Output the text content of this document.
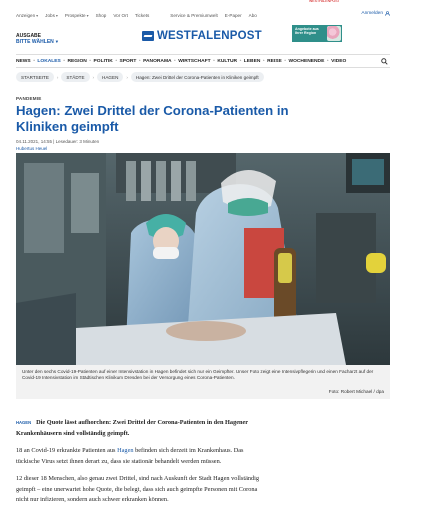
WESTFALENPOST
Anzeigen ▾ Jobs ▾ Prospekte ▾ Shop Vor Ort Tickets	Service & Premiumwelt E-Paper Abo	Anmelden
AUSGABE
BITTE WÄHLEN ▾	WESTFALENPOST
Angebote aus Ihrer Region
NEWS • LOKALES • REGION • POLITIK • SPORT • PANORAMA • WIRTSCHAFT • KULTUR • LEBEN • REISE • WOCHENENDE • VIDEO
STARTSEITE	›	STÄDTE	›	HAGEN	›	Hagen: Zwei Drittel der Corona-Patienten in Kliniken geimpft
PANDEMIE
Hagen: Zwei Drittel der Corona-Patienten in Kliniken geimpft
04.11.2021, 14:55 | Lesedauer: 3 Minuten
Hubertus Heuel
Unter den sechs Covid-19-Patienten auf einer Intensivstation in Hagen befindet sich nur ein Geimpfter. Unser Foto zeigt eine Intensivpflegerin und einen Facharzt auf der Covid-19 Intensivstation im Städtischen Klinikum Dresden bei der Versorgung eines Corona-Patienten.
Foto: Robert Michael / dpa

HAGEN Die Quote lässt aufhorchen: Zwei Drittel der Corona-Patienten in den Hagener Krankenhäusern sind vollständig geimpft.

18 an Covid-19 erkrankte Patienten aus Hagen befinden sich derzeit im Krankenhaus. Das tückische Virus setzt ihnen derart zu, dass sie stationär behandelt werden müssen.

12 dieser 18 Menschen, also genau zwei Drittel, sind nach Auskunft der Stadt Hagen vollständig geimpft – eine unerwartet hohe Quote, die belegt, dass sich auch geimpfte Personen mit Corona nicht nur infizieren, sondern auch schwer erkranken können.
